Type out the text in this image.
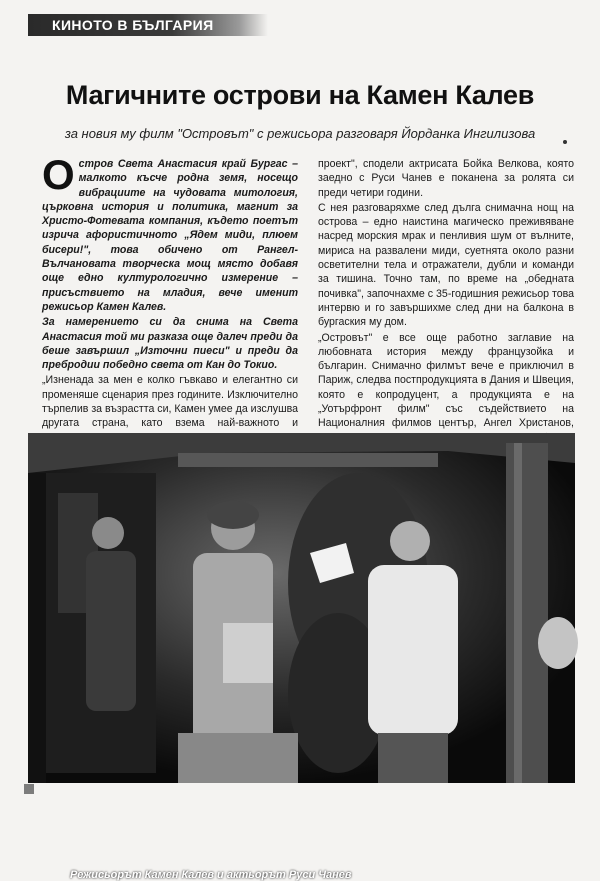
КИНОТО В БЪЛГАРИЯ
Магичните острови на Камен Калев
за новия му филм "Островът" с режисьора разговаря Йорданка Ингилизова

Остров Света Анастасия край Бургас – малкото късче родна земя, носещо вибрациите на чудовата митология, църковна история и политика, магнит за Христо-Фотевата компания, където поетът изрича афористичното „Ядем миди, плюем бисери!", това обичено от Рангел-Вълчановата творческа мощ място добавя още едно културологично измерение – присъствието на младия, вече именит режисьор Камен Калев.

За намерението си да снима на Света Анастасия той ми разказа още далеч преди да беше завършил „Източни пиеси" и преди да пребродии победно света от Кан до Токио.

„Изненада за мен е колко гъвкаво и елегантно си променяше сценария през годините. Изключително търпелив за възрастта си, Камен умее да изслушва другата страна, като взема най-важното и

проект", сподели актрисата Бойка Велкова, която заедно с Руси Чанев е поканена за ролята си преди четири години.

С нея разговаряхме след дълга снимачна нощ на острова – едно наистина магическо преживяване насред морския мрак и пенливия шум от вълните, мириса на развалени миди, суетнята около разни осветителни тела и отражатели, дубли и команди за тишина. Точно там, по време на „обедната почивка", започнахме с 35-годишния режисьор това интервю и го завършихме след дни на балкона в бургаския му дом.

„Островът" е все още работно заглавие на любовната история между французойка и българин. Снимачно филмът вече е приключил в Париж, следва постпродукцията в Дания и Швеция, която е копродуцент, а продукцията е на „Уотърфронт филм" със съдействието на Националния филмов център, Ангел Христанов,

Режисьорът Камен Калев и актьорът Руси Чанев
